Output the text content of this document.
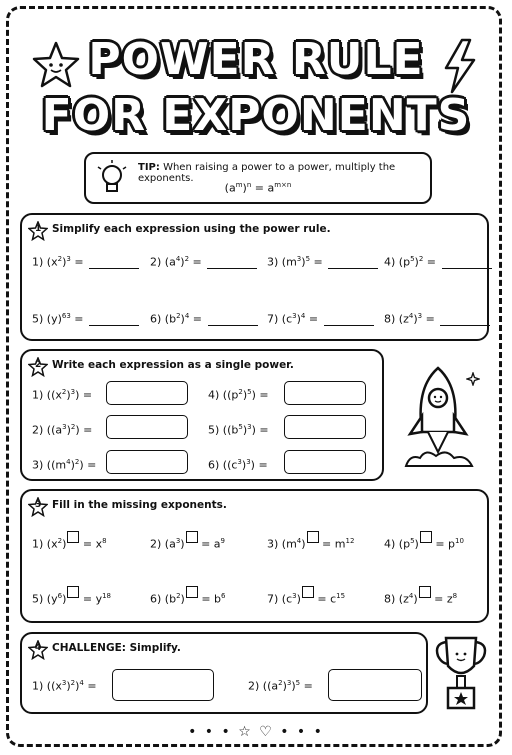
POWER RULE
FOR EXPONENTS
TIP: When raising a power to a power, multiply the exponents.
$(a^m)^n = a^{m\times n}$
1 Simplify each expression using the power rule.
1) $(x^2)^3$ =	2) $(a^4)^2$ =	3) $(m^3)^5$ =	4) $(p^5)^2$ =
5) $(y)^{63}$ =	6) $(b^2)^4$ =	7) $(c^3)^4$ =	8) $(z^4)^3$ =
2 Write each expression as a single power.
1) $((x^2)^3)$ =
2) $((a^3)^2)$ =
3) $((m^4)^2)$ =
4) $((p^2)^5)$ =
5) $((b^5)^3)$ =
6) $((c^3)^3)$ =
3 Fill in the missing exponents.
1) $(x^2) = x^8$	2) $(a^3) = a^9$	3) $(m^4) = m^{12}$	4) $(p^5) = p^{10}$
5) $(y^6) = y^{18}$	6) $(b^2) = b^6$	7) $(c^3) = c^{15}$	8) $(z^4) = z^8$
4 CHALLENGE: Simplify.
1) $((x^3)^2)^4$ =	2) $((a^2)^3)^5$ =
• • • ☆ ♡ • • •
